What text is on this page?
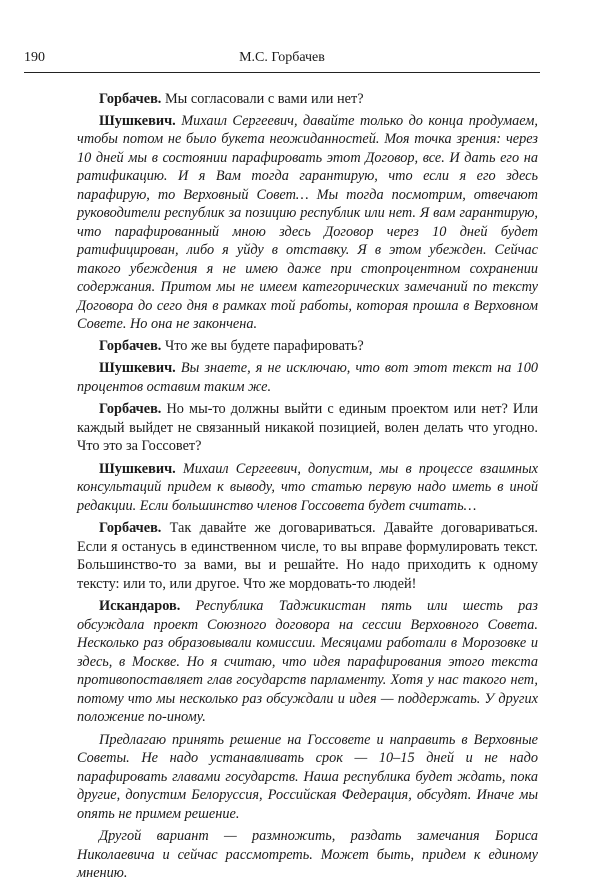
190	М.С. Горбачев

Горбачев. Мы согласовали с вами или нет?

Шушкевич. Михаил Сергеевич, давайте только до конца продумаем, чтобы потом не было букета неожиданностей. Моя точка зрения: через 10 дней мы в состоянии парафировать этот Договор, все. И дать его на ратификацию. И я Вам тогда гарантирую, что если я его здесь парафирую, то Верховный Совет… Мы тогда посмотрим, отвечают руководители республик за позицию республик или нет. Я вам гарантирую, что парафированный мною здесь Договор через 10 дней будет ратифицирован, либо я уйду в отставку. Я в этом убежден. Сейчас такого убеждения я не имею даже при стопроцентном сохранении содержания. Притом мы не имеем категорических замечаний по тексту Договора до сего дня в рамках той работы, которая прошла в Верховном Совете. Но она не закончена.

Горбачев. Что же вы будете парафировать?

Шушкевич. Вы знаете, я не исключаю, что вот этот текст на 100 процентов оставим таким же.

Горбачев. Но мы-то должны выйти с единым проектом или нет? Или каждый выйдет не связанный никакой позицией, волен делать что угодно. Что это за Госсовет?

Шушкевич. Михаил Сергеевич, допустим, мы в процессе взаимных консультаций придем к выводу, что статью первую надо иметь в иной редакции. Если большинство членов Госсовета будет считать…

Горбачев. Так давайте же договариваться. Давайте договариваться. Если я останусь в единственном числе, то вы вправе формулировать текст. Большинство-то за вами, вы и решайте. Но надо приходить к одному тексту: или то, или другое. Что же мордовать-то людей!

Искандаров. Республика Таджикистан пять или шесть раз обсуждала проект Союзного договора на сессии Верховного Совета. Несколько раз образовывали комиссии. Месяцами работали в Морозовке и здесь, в Москве. Но я считаю, что идея парафирования этого текста противопоставляет глав государств парламенту. Хотя у нас такого нет, потому что мы несколько раз обсуждали и идея — поддержать. У других положение по-иному.

Предлагаю принять решение на Госсовете и направить в Верховные Советы. Не надо устанавливать срок — 10–15 дней и не надо парафировать главами государств. Наша республика будет ждать, пока другие, допустим Белоруссия, Российская Федерация, обсудят. Иначе мы опять не примем решение.

Другой вариант — размножить, раздать замечания Бориса Николаевича и сейчас рассмотреть. Может быть, придем к единому мнению.
